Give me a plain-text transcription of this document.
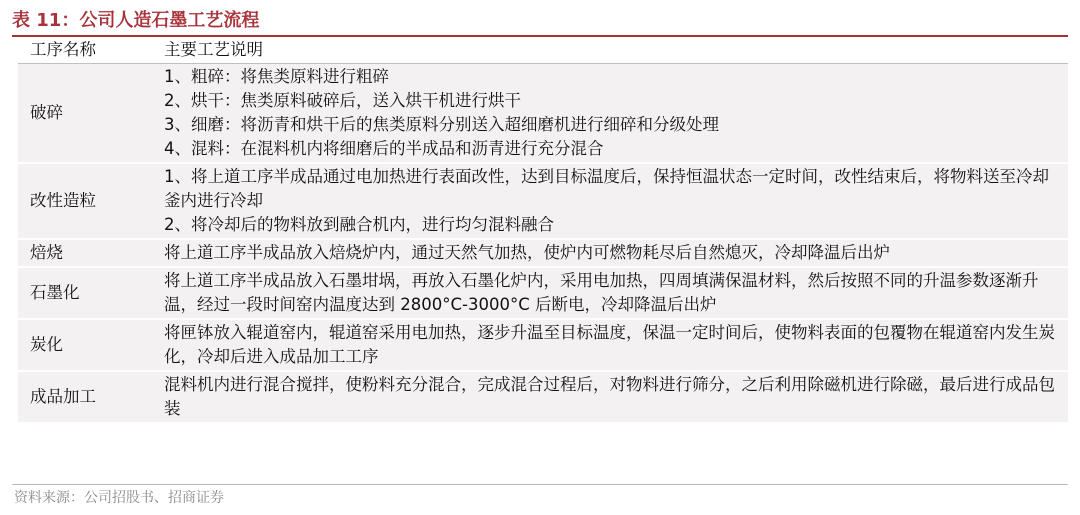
表 11：公司人造石墨工艺流程
工序名称	主要工艺说明
破碎	1、粗碎：将焦类原料进行粗碎
2、烘干：焦类原料破碎后，送入烘干机进行烘干
3、细磨：将沥青和烘干后的焦类原料分别送入超细磨机进行细碎和分级处理
4、混料：在混料机内将细磨后的半成品和沥青进行充分混合

改性造粒	1、将上道工序半成品通过电加热进行表面改性，达到目标温度后，保持恒温状态一定时间，改性结束后，将物料送至冷却釜内进行冷却
2、将冷却后的物料放到融合机内，进行均匀混料融合

焙烧	将上道工序半成品放入焙烧炉内，通过天然气加热，使炉内可燃物耗尽后自然熄灭，冷却降温后出炉

石墨化	将上道工序半成品放入石墨坩埚，再放入石墨化炉内，采用电加热，四周填满保温材料，然后按照不同的升温参数逐渐升温，经过一段时间窑内温度达到 2800°C-3000°C 后断电，冷却降温后出炉

炭化	将匣钵放入辊道窑内，辊道窑采用电加热，逐步升温至目标温度，保温一定时间后，使物料表面的包覆物在辊道窑内发生炭化，冷却后进入成品加工工序

成品加工	混料机内进行混合搅拌，使粉料充分混合，完成混合过程后，对物料进行筛分，之后利用除磁机进行除磁，最后进行成品包装
资料来源：公司招股书、招商证券
